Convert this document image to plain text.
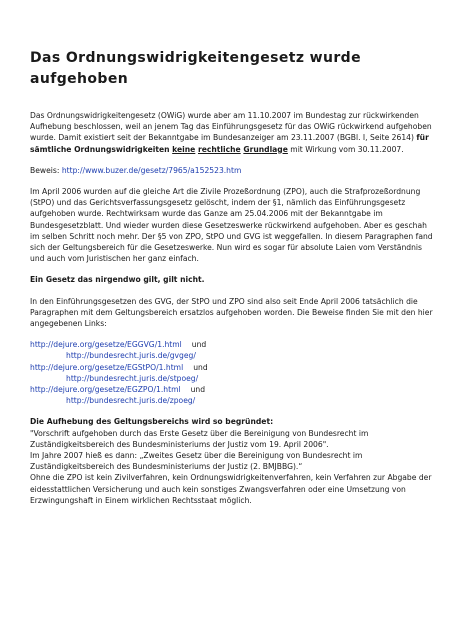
Das Ordnungswidrigkeitengesetz wurde aufgehoben

Das Ordnungswidrigkeitengesetz (OWiG) wurde aber am 11.10.2007 im Bundestag zur rückwirkenden Aufhebung beschlossen, weil an jenem Tag das Einführungsgesetz für das OWiG rückwirkend aufgehoben wurde. Damit existiert seit der Bekanntgabe im Bundesanzeiger am 23.11.2007 (BGBl. I, Seite 2614) für sämtliche Ordnungswidrigkeiten keine rechtliche Grundlage mit Wirkung vom 30.11.2007.

Beweis: http://www.buzer.de/gesetz/7965/a152523.htm

Im April 2006 wurden auf die gleiche Art die Zivile Prozeßordnung (ZPO), auch die Strafprozeßordnung (StPO) und das Gerichtsverfassungsgesetz gelöscht, indem der §1, nämlich das Einführungsgesetz aufgehoben wurde. Rechtwirksam wurde das Ganze am 25.04.2006 mit der Bekanntgabe im Bundesgesetzblatt. Und wieder wurden diese Gesetzeswerke rückwirkend aufgehoben. Aber es geschah im selben Schritt noch mehr. Der §5 von ZPO, StPO und GVG ist weggefallen. In diesem Paragraphen fand sich der Geltungsbereich für die Gesetzeswerke. Nun wird es sogar für absolute Laien vom Verständnis und auch vom Juristischen her ganz einfach.

Ein Gesetz das nirgendwo gilt, gilt nicht.

In den Einführungsgesetzen des GVG, der StPO und ZPO sind also seit Ende April 2006 tatsächlich die Paragraphen mit dem Geltungsbereich ersatzlos aufgehoben worden. Die Beweise finden Sie mit den hier angegebenen Links:

http://dejure.org/gesetze/EGGVG/1.html und
http://bundesrecht.juris.de/gvgeg/
http://dejure.org/gesetze/EGStPO/1.html und
http://bundesrecht.juris.de/stpoeg/
http://dejure.org/gesetze/EGZPO/1.html und
http://bundesrecht.juris.de/zpoeg/

Die Aufhebung des Geltungsbereichs wird so begründet:

"Vorschrift aufgehoben durch das Erste Gesetz über die Bereinigung von Bundesrecht im Zuständigkeitsbereich des Bundesministeriums der Justiz vom 19. April 2006".

Im Jahre 2007 hieß es dann: „Zweites Gesetz über die Bereinigung von Bundesrecht im Zuständigkeitsbereich des Bundesministeriums der Justiz (2. BMJBBG).“

Ohne die ZPO ist kein Zivilverfahren, kein Ordnungswidrigkeitenverfahren, kein Verfahren zur Abgabe der eidesstattlichen Versicherung und auch kein sonstiges Zwangsverfahren oder eine Umsetzung von Erzwingungshaft in Einem wirklichen Rechtsstaat möglich.
